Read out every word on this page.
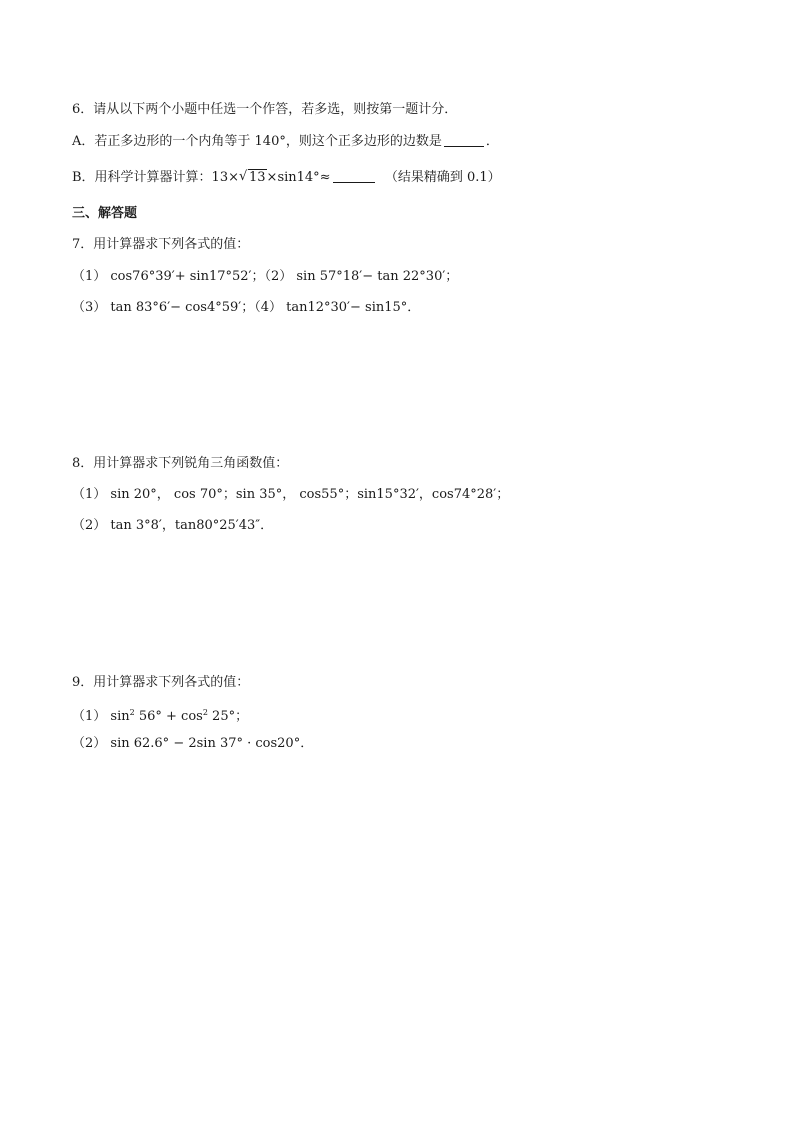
6．请从以下两个小题中任选一个作答，若多选，则按第一题计分．
A．若正多边形的一个内角等于 140°，则这个正多边形的边数是	．
B．用科学计算器计算：13×√ 13×sin14°≈	（结果精确到 0.1）
三、解答题
7．用计算器求下列各式的值：
（1） cos76°39′+ sin17°52′；（2） sin 57°18′− tan 22°30′；
（3） tan 83°6′− cos4°59′；（4） tan12°30′− sin15°．
8．用计算器求下列锐角三角函数值：
（1） sin 20°， cos 70°；sin 35°， cos55°；sin15°32′，cos74°28′；
（2） tan 3°8′，tan80°25′43″．
9．用计算器求下列各式的值：
（1） $\sin^2 56^\circ + \cos^2 25^\circ$；
（2） sin 62.6° − 2sin 37° · cos20°．
